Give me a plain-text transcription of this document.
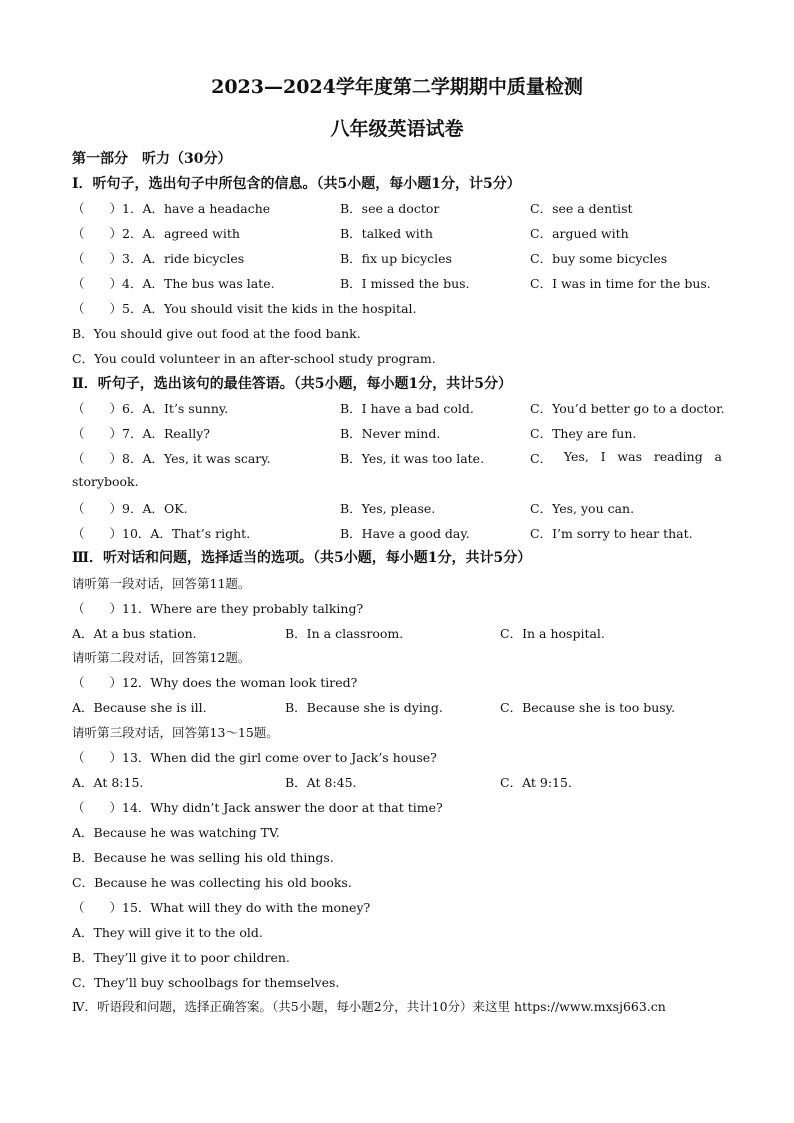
2023—2024学年度第二学期期中质量检测
八年级英语试卷
第一部分　听力（30分）
Ⅰ．听句子，选出句子中所包含的信息。（共5小题，每小题1分，计5分）
（　　）1．A．have a headache	B．see a doctor	C．see a dentist
（　　）2．A．agreed with	B．talked with	C．argued with
（　　）3．A．ride bicycles	B．fix up bicycles	C．buy some bicycles
（　　）4．A．The bus was late.	B．I missed the bus.	C．I was in time for the bus.
（　　）5．A．You should visit the kids in the hospital.
B．You should give out food at the food bank.
C．You could volunteer in an after-school study program.
Ⅱ．听句子，选出该句的最佳答语。（共5小题，每小题1分，共计5分）
（　　）6．A．It’s sunny.	B．I have a bad cold.	C．You’d better go to a doctor.
（　　）7．A．Really?	B．Never mind.	C．They are fun.
（　　）8．A．Yes, it was scary.	B．Yes, it was too late.	C． Yes, I was reading a
storybook.
（　　）9．A．OK.	B．Yes, please.	C．Yes, you can.
（　　）10．A．That’s right.	B．Have a good day.	C．I’m sorry to hear that.
Ⅲ．听对话和问题，选择适当的选项。（共5小题，每小题1分，共计5分）
请听第一段对话，回答第11题。
（　　）11．Where are they probably talking?
A．At a bus station.	B．In a classroom.	C．In a hospital.
请听第二段对话，回答第12题。
（　　）12．Why does the woman look tired?
A．Because she is ill.	B．Because she is dying.	C．Because she is too busy.
请听第三段对话，回答第13～15题。
（　　）13．When did the girl come over to Jack’s house?
A．At 8:15.	B．At 8:45.	C．At 9:15.
（　　）14．Why didn’t Jack answer the door at that time?
A．Because he was watching TV.
B．Because he was selling his old things.
C．Because he was collecting his old books.
（　　）15．What will they do with the money?
A．They will give it to the old.
B．They’ll give it to poor children.
C．They’ll buy schoolbags for themselves.
Ⅳ．听语段和问题，选择正确答案。（共5小题，每小题2分，共计10分）来这里 https://www.mxsj663.cn
